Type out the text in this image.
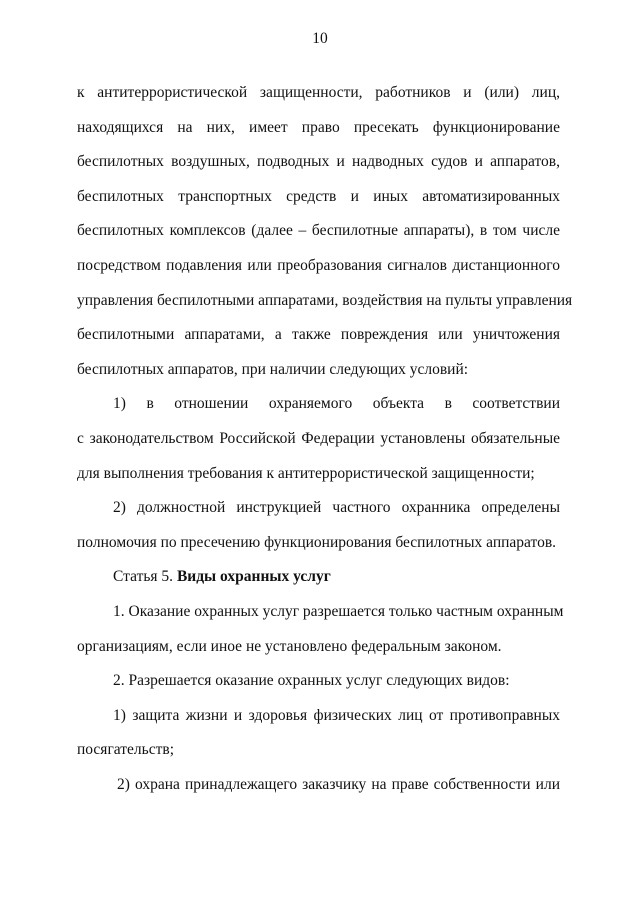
10
к антитеррористической защищенности, работников и (или) лиц,
находящихся на них, имеет право пресекать функционирование
беспилотных воздушных, подводных и надводных судов и аппаратов,
беспилотных транспортных средств и иных автоматизированных
беспилотных комплексов (далее – беспилотные аппараты), в том числе
посредством подавления или преобразования сигналов дистанционного
управления беспилотными аппаратами, воздействия на пульты управления
беспилотными аппаратами, а также повреждения или уничтожения
беспилотных аппаратов, при наличии следующих условий:
1) в отношении охраняемого объекта в соответствии
с законодательством Российской Федерации установлены обязательные
для выполнения требования к антитеррористической защищенности;
2) должностной инструкцией частного охранника определены
полномочия по пресечению функционирования беспилотных аппаратов.
Статья 5. Виды охранных услуг
1. Оказание охранных услуг разрешается только частным охранным
организациям, если иное не установлено федеральным законом.
2. Разрешается оказание охранных услуг следующих видов:
1) защита жизни и здоровья физических лиц от противоправных
посягательств;
2) охрана принадлежащего заказчику на праве собственности или
